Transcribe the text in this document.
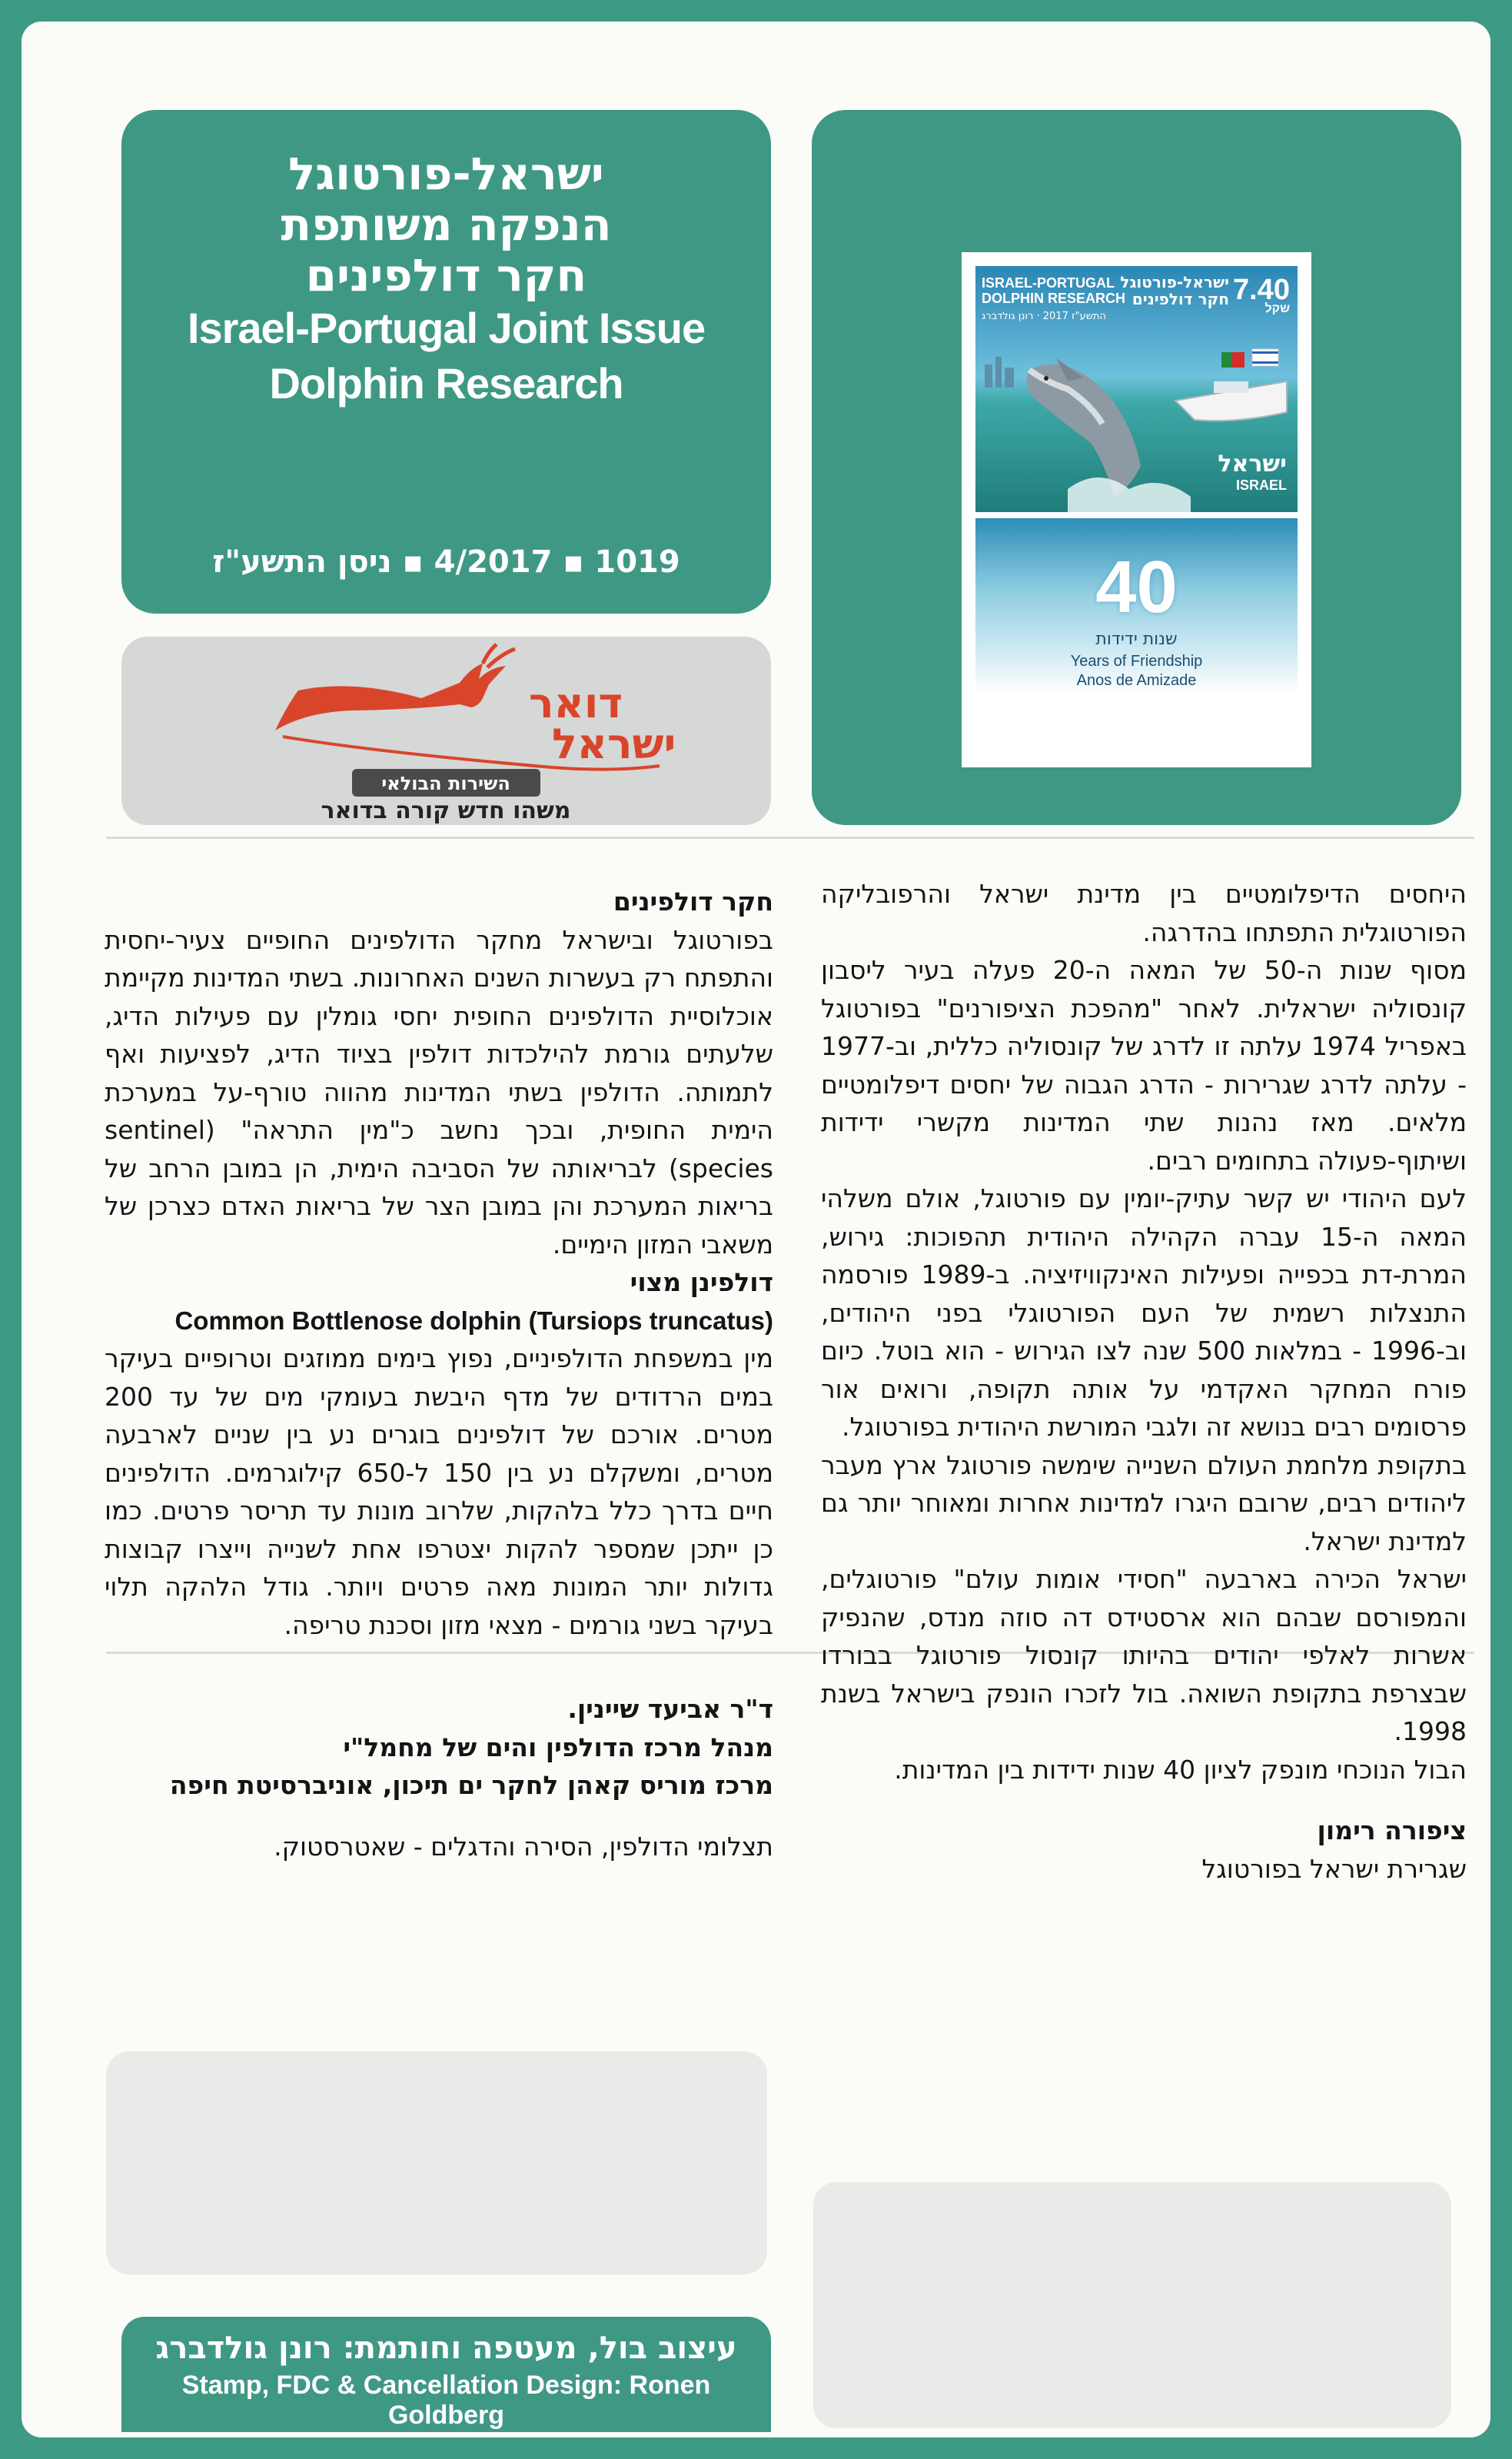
ישראל-פורטוגל
הנפקה משותפת
חקר דולפינים
Israel-Portugal Joint Issue
Dolphin Research
1019 ▪ 4/2017 ▪ ניסן התשע"ז
דואר
ישראל
השירות הבולאי
משהו חדש קורה בדואר
ISRAEL-PORTUGAL
DOLPHIN RESEARCH
ישראל-פורטוגל
חקר דולפינים 7.40
שקל
התשע"ז 2017 · רונן גולדברג
ישראל
ISRAEL
40
שנות ידידות
Years of Friendship
Anos de Amizade
חקר דולפינים

בפורטוגל ובישראל מחקר הדולפינים החופיים צעיר-יחסית והתפתח רק בעשרות השנים האחרונות. בשתי המדינות מקיימת אוכלוסיית הדולפינים החופית יחסי גומלין עם פעילות הדיג, שלעתים גורמת להילכדות דולפין בציוד הדיג, לפציעות ואף לתמותה. הדולפין בשתי המדינות מהווה טורף-על במערכת הימית החופית, ובכך נחשב כ"מין התראה" (sentinel species) לבריאותה של הסביבה הימית, הן במובן הרחב של בריאות המערכת והן במובן הצר של בריאות האדם כצרכן של משאבי המזון הימיים.

דולפינן מצוי
Common Bottlenose dolphin (Tursiops truncatus)

מין במשפחת הדולפיניים, נפוץ בימים ממוזגים וטרופיים בעיקר במים הרדודים של מדף היבשת בעומקי מים של עד 200 מטרים. אורכם של דולפינים בוגרים נע בין שניים לארבעה מטרים, ומשקלם נע בין 150 ל-650 קילוגרמים. הדולפינים חיים בדרך כלל בלהקות, שלרוב מונות עד תריסר פרטים. כמו כן ייתכן שמספר להקות יצטרפו אחת לשנייה וייצרו קבוצות גדולות יותר המונות מאה פרטים ויותר. גודל הלהקה תלוי בעיקר בשני גורמים - מצאי מזון וסכנת טריפה.

ד"ר אביעד שיינין.
מנהל מרכז הדולפין והים של מחמל"י
מרכז מוריס קאהן לחקר ים תיכון, אוניברסיטת חיפה

תצלומי הדולפין, הסירה והדגלים - שאטרסטוק.

היחסים הדיפלומטיים בין מדינת ישראל והרפובליקה הפורטוגלית התפתחו בהדרגה.

מסוף שנות ה-50 של המאה ה-20 פעלה בעיר ליסבון קונסוליה ישראלית. לאחר "מהפכת הציפורנים" בפורטוגל באפריל 1974 עלתה זו לדרג של קונסוליה כללית, וב-1977 - עלתה לדרג שגרירות - הדרג הגבוה של יחסים דיפלומטיים מלאים. מאז נהנות שתי המדינות מקשרי ידידות ושיתוף-פעולה בתחומים רבים.

לעם היהודי יש קשר עתיק-יומין עם פורטוגל, אולם משלהי המאה ה-15 עברה הקהילה היהודית תהפוכות: גירוש, המרת-דת בכפייה ופעילות האינקוויזיציה. ב-1989 פורסמה התנצלות רשמית של העם הפורטוגלי בפני היהודים, וב-1996 - במלאות 500 שנה לצו הגירוש - הוא בוטל. כיום פורח המחקר האקדמי על אותה תקופה, ורואים אור פרסומים רבים בנושא זה ולגבי המורשת היהודית בפורטוגל.

בתקופת מלחמת העולם השנייה שימשה פורטוגל ארץ מעבר ליהודים רבים, שרובם היגרו למדינות אחרות ומאוחר יותר גם למדינת ישראל.

ישראל הכירה בארבעה "חסידי אומות עולם" פורטוגלים, והמפורסם שבהם הוא ארסטידס דה סוזה מנדס, שהנפיק אשרות לאלפי יהודים בהיותו קונסול פורטוגל בבורדו שבצרפת בתקופת השואה. בול לזכרו הונפק בישראל בשנת 1998.

הבול הנוכחי מונפק לציון 40 שנות ידידות בין המדינות.

ציפורה רימון
שגרירת ישראל בפורטוגל
עיצוב בול, מעטפה וחותמת: רונן גולדברג
Stamp, FDC & Cancellation Design: Ronen Goldberg
